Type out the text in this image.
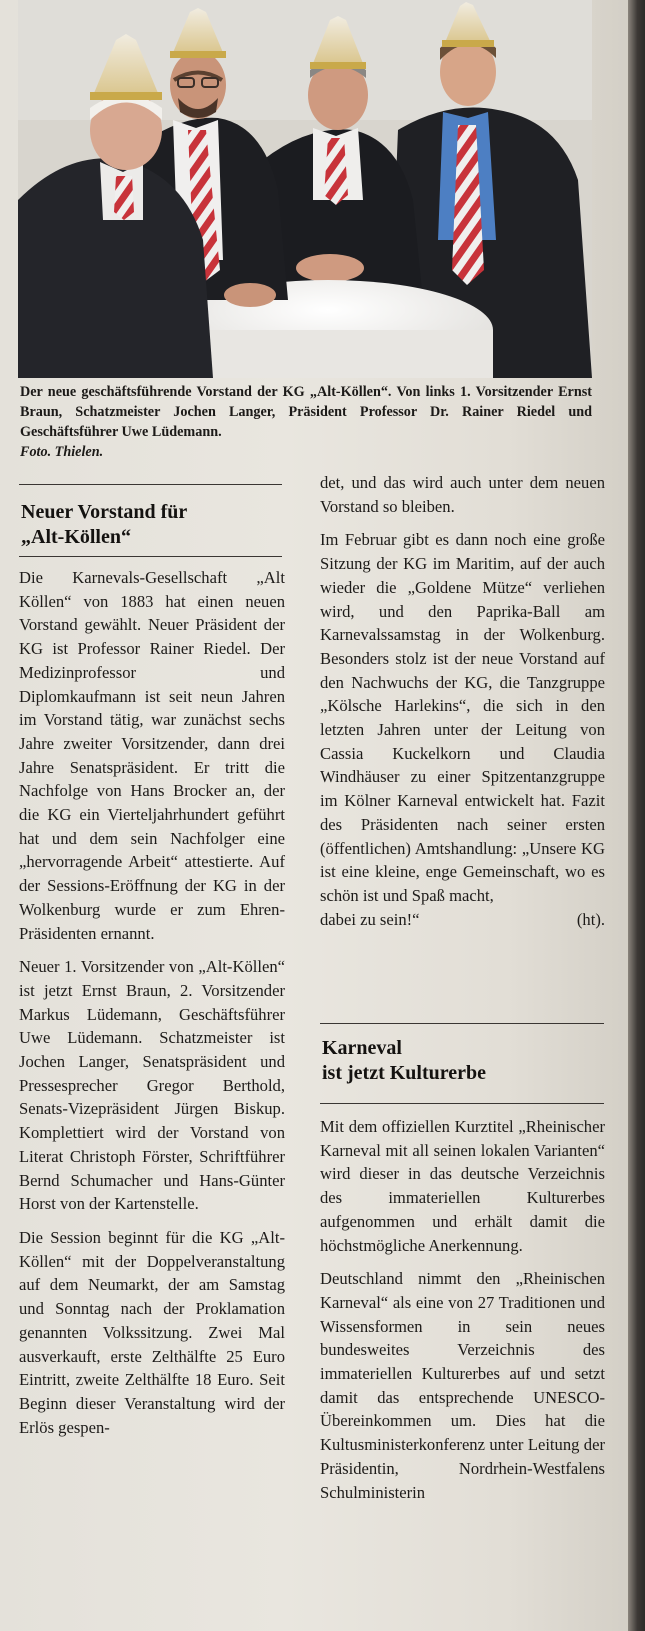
Der neue geschäftsführende Vorstand der KG „Alt-Köllen“. Von links 1. Vorsitzender Ernst Braun, Schatzmeister Jochen Langer, Präsident Professor Dr. Rainer Riedel und Geschäftsführer Uwe Lüdemann.
Foto. Thielen.
Neuer Vorstand für
„Alt-Köllen“

Die Karnevals-Gesellschaft „Alt Köllen“ von 1883 hat einen neuen Vorstand gewählt. Neuer Präsident der KG ist Professor Rainer Riedel. Der Medizinprofessor und Diplomkaufmann ist seit neun Jahren im Vorstand tätig, war zunächst sechs Jahre zweiter Vorsitzender, dann drei Jahre Senatspräsident. Er tritt die Nachfolge von Hans Brocker an, der die KG ein Vierteljahrhundert geführt hat und dem sein Nachfolger eine „hervorragende Arbeit“ attestierte. Auf der Sessions-Eröffnung der KG in der Wolkenburg wurde er zum Ehren-Präsidenten ernannt.

Neuer 1. Vorsitzender von „Alt-Köllen“ ist jetzt Ernst Braun, 2. Vorsitzender Markus Lüdemann, Geschäftsführer Uwe Lüdemann. Schatzmeister ist Jochen Langer, Senatspräsident und Pressesprecher Gregor Berthold, Senats-Vizepräsident Jürgen Biskup. Komplettiert wird der Vorstand von Literat Christoph Förster, Schriftführer Bernd Schumacher und Hans-Günter Horst von der Kartenstelle.

Die Session beginnt für die KG „Alt-Köllen“ mit der Doppelveranstaltung auf dem Neumarkt, der am Samstag und Sonntag nach der Proklamation genannten Volkssitzung. Zwei Mal ausverkauft, erste Zelthälfte 25 Euro Eintritt, zweite Zelthälfte 18 Euro. Seit Beginn dieser Veranstaltung wird der Erlös gespen-

det, und das wird auch unter dem neuen Vorstand so bleiben.

Im Februar gibt es dann noch eine große Sitzung der KG im Maritim, auf der auch wieder die „Goldene Mütze“ verliehen wird, und den Paprika-Ball am Karnevalssamstag in der Wolkenburg. Besonders stolz ist der neue Vorstand auf den Nachwuchs der KG, die Tanzgruppe „Kölsche Harlekins“, die sich in den letzten Jahren unter der Leitung von Cassia Kuckelkorn und Claudia Windhäuser zu einer Spitzentanzgruppe im Kölner Karneval entwickelt hat. Fazit des Präsidenten nach seiner ersten (öffentlichen) Amtshandlung: „Unsere KG ist eine kleine, enge Gemeinschaft, wo es schön ist und Spaß macht,

dabei zu sein!“	(ht).
Karneval
ist jetzt Kulturerbe

Mit dem offiziellen Kurztitel „Rheinischer Karneval mit all seinen lokalen Varianten“ wird dieser in das deutsche Verzeichnis des immateriellen Kulturerbes aufgenommen und erhält damit die höchstmögliche Anerkennung.

Deutschland nimmt den „Rheinischen Karneval“ als eine von 27 Traditionen und Wissensformen in sein neues bundesweites Verzeichnis des immateriellen Kulturerbes auf und setzt damit das entsprechende UNESCO-Übereinkommen um. Dies hat die Kultusministerkonferenz unter Leitung der Präsidentin, Nordrhein-Westfalens Schulministerin
